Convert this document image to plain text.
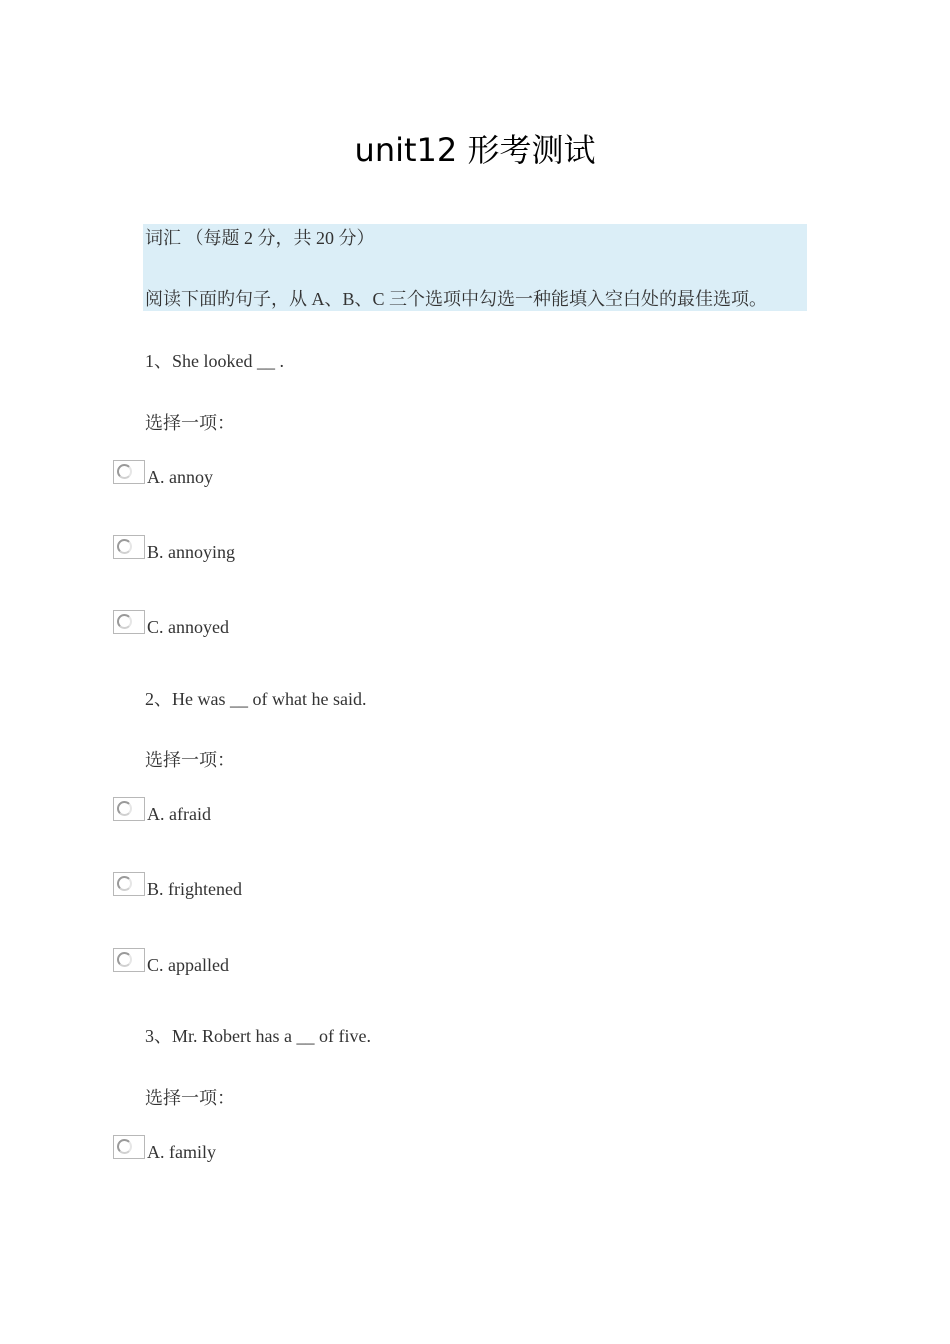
unit12 形考测试
词汇 （每题 2 分，共 20 分）
阅读下面旳句子，从 A、B、C 三个选项中勾选一种能填入空白处的最佳选项。
1、She looked __ .
选择一项：
A. annoy
B. annoying
C. annoyed
2、He was __ of what he said.
选择一项：
A. afraid
B. frightened
C. appalled
3、Mr. Robert has a __ of five.
选择一项：
A. family
